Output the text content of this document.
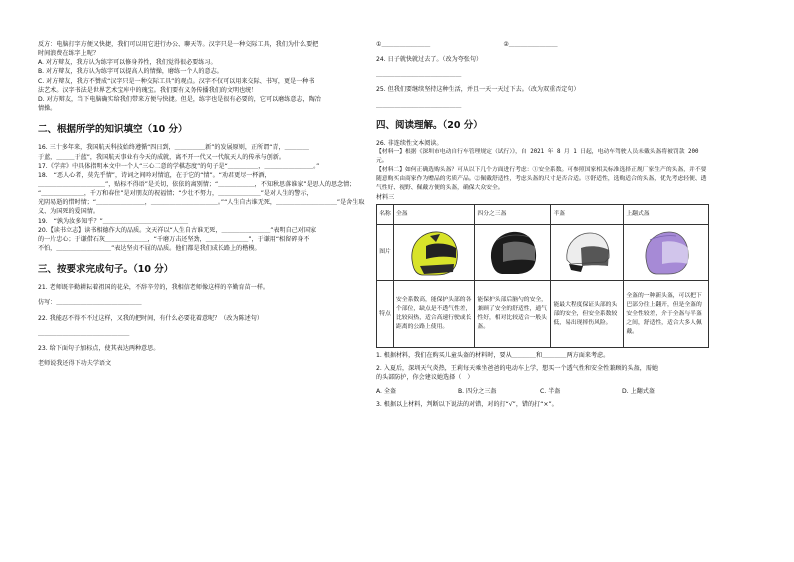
反方：电脑打字方便又快捷，我们可以用它进行办公、聊天等。汉字只是一种交际工具，我们为什么要把

时间浪费在练字上呢？

A. 对方辩友，我方认为练字可以修身养性，我们觉得很必要练习。

B. 对方辩友，我方认为练字可以提高人的情操，磨练一个人的意志。

C. 对方辩友，我方不赞成“汉字只是一种交际工具”的观点。汉字不仅可以用来交际、书写，更是一种书

法艺术。汉字书法是世界艺术宝库中的瑰宝。我们要有义务传播我们的文明也统！

D. 对方辩友，当下电脑确实给我们带来方便与快捷。但是，练字也是很有必要的，它可以磨练意志，陶冶

情操。

二、根据所学的知识填空（10 分）

16. 三十多年来，我国航天科技始终遵循“四日到，＿＿＿＿＿新”的发展原则，正所谓“青，＿＿＿＿

于蓝，＿＿＿于蓝”，我国航天事业有今天的成就，离不开一代又一代航天人的传承与创新。

17.《学弈》中具体指明本文中一个人“三心二意的学棋态度”的句子是“＿＿＿＿＿，＿＿＿＿＿＿＿＿。”

18.　“恶人心者，莫先乎情”，诗词之间吟对情谊，在于它的“情”。“劝君更尽一杯酒，

＿＿＿＿＿＿＿＿＿＿＿”，贴标不得语”是关切，依依的离别情；“＿＿＿＿＿＿，不知秋思落谁家”是思人的思念情；

“＿＿＿＿＿＿＿，千万和春住”是对朋友的祝福情；“少壮不努力，＿＿＿＿＿＿＿”是对人生的警示，

光阴易逝的惜时情；“＿＿＿＿＿＿＿＿，＿＿＿＿＿＿＿＿＿＿＿。”“人生自古谁无死，＿＿＿＿＿＿＿＿＿＿”是舍生取

义、为国死的爱国情。

19.　“孰为汝多知乎？”＿＿＿＿＿＿＿＿＿＿＿＿＿＿

20.【读书立志】读书相德作大的品质。文天祥以“人生自古谁无死，＿＿＿＿＿＿＿＿”表明自己对国家

的一片忠心；于谦借石灰＿＿＿＿＿＿＿，“千磨万击还坚劲，＿＿＿＿＿＿＿”，于谦用“相留碎身不

不怕，＿＿＿＿＿＿＿＿＿”表达坚贞不屈的品质。他们都是我们成长路上的楷模。

三、按要求完成句子。（10 分）

21. 老师既辛勤耕耘着祖国的花朵，不辞辛劳的，我相信老师像这样的辛勤育苗一样。

仿写：＿＿＿＿＿＿＿＿＿＿＿＿＿＿

22. 我能忍不得不不过这样，又我的把时间，有什么必要花着意呢？（改为陈述句）

＿＿＿＿＿＿＿＿＿＿＿＿＿＿＿

23. 给下面句子加标点，使其表达两种意思。

老师说我还得下功夫学语文

①＿＿＿＿＿＿＿＿　　　　　　　　　　　　②＿＿＿＿＿＿＿＿

24. 日子就快就过去了。（改为夸张句）

＿＿＿＿＿＿＿＿＿＿＿＿＿＿

25. 但我们要继续坚持这种生活，并且一天一天过下去。（改为双重否定句）

＿＿＿＿＿＿＿＿＿＿＿＿＿＿

四、阅读理解。（20 分）

26. 非连续性文本阅读。

【材料一】根据《深圳市电动自行车管理规定（试行）》，自 2021 年 8 月 1 日起，电动车驾驶人员未戴头盔将被罚款 200 元。
【材料二】如何正确选购头盔？可从以下几个方面进行考虑：①安全系数。可参照国家相关标准选择正规厂家生产的头盔，并不要随意购买由商家作为赠品的劣质产品。②佩戴舒适性，考虑头盔的尺寸是否合适。③舒适性，选购适合的头盔，优先考虑轻便、透气性好、视野、佩戴方便的头盔，确保大众安全。

材料三

名称	全盔	四分之三盔	半盔	上翻式盔
图片	

特点	安全系数高，能保护头部的各个部位，缺点是不透气性差，比较闷热，适合高速行驶或长距离的公路上使用。	能保护头部后脑勺的安全，兼顾了安全的舒适性，通气性好，相对比较适合一般头盔。	能最大程度保证头部的头部的安全，但安全系数较低，易出现摔伤风险。	全盔的一种新头盔，可以把下巴部分往上翻开，但是全盔的安全性较差，介于全盔与半盔之间，舒适性，适合大多人佩戴。

1. 根据材料，我们在购买儿童头盔的材料时，要从＿＿＿＿和＿＿＿＿两方面来考虑。

2. 入夏后，深圳天气炎热，王莉每天乘坐爸爸的电动车上学，想买一个透气性和安全性兼顾的头盔，需她

的头部防护，你会建议她选择（　）

A. 全盔	B. 四分之三盔	C. 半盔	D. 上翻式盔

3. 根据以上材料，判断以下说法的对错，对的打“√”，错的打“×”。
